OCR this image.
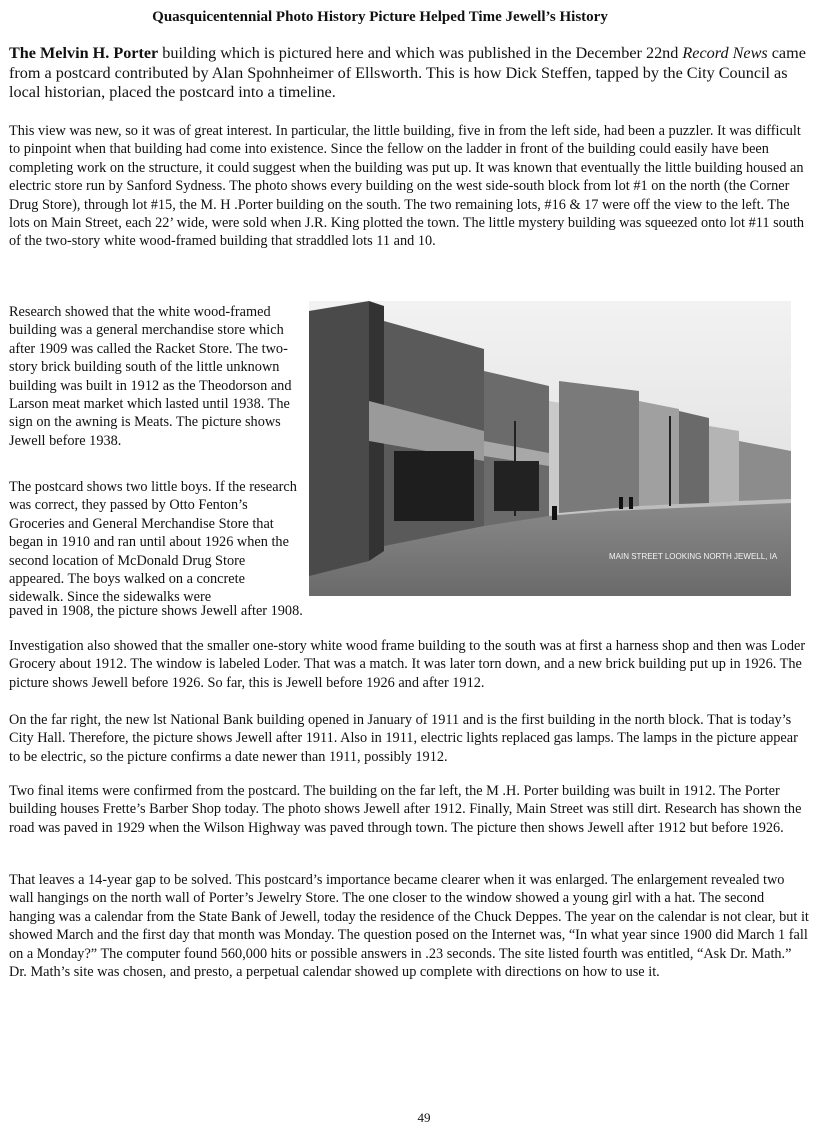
Quasquicentennial Photo History Picture Helped Time Jewell’s History
The Melvin H. Porter building which is pictured here and which was published in the December 22nd Record News came from a postcard contributed by Alan Spohnheimer of Ellsworth. This is how Dick Steffen, tapped by the City Council as local historian, placed the postcard into a timeline.
This view was new, so it was of great interest. In particular, the little building, five in from the left side, had been a puzzler. It was difficult to pinpoint when that building had come into existence. Since the fellow on the ladder in front of the building could easily have been completing work on the structure, it could suggest when the building was put up. It was known that eventually the little building housed an electric store run by Sanford Sydness. The photo shows every building on the west side-south block from lot #1 on the north (the Corner Drug Store), through lot #15, the M. H .Porter building on the south. The two remaining lots, #16 & 17 were off the view to the left. The lots on Main Street, each 22’ wide, were sold when J.R. King plotted the town. The little mystery building was squeezed onto lot #11 south of the two-story white wood-framed building that straddled lots 11 and 10.
Research showed that the white wood-framed building was a general merchandise store which after 1909 was called the Racket Store. The two-story brick building south of the little unknown building was built in 1912 as the Theodorson and Larson meat market which lasted until 1938. The sign on the awning is Meats. The picture shows Jewell before 1938.
The postcard shows two little boys. If the research was correct, they passed by Otto Fenton’s Groceries and General Merchandise Store that began in 1910 and ran until about 1926 when the second location of McDonald Drug Store appeared. The boys walked on a concrete sidewalk. Since the sidewalks were
paved in 1908, the picture shows Jewell after 1908.
MAIN STREET LOOKING NORTH JEWELL, IA
Investigation also showed that the smaller one-story white wood frame building to the south was at first a harness shop and then was Loder Grocery about 1912. The window is labeled Loder. That was a match. It was later torn down, and a new brick building put up in 1926. The picture shows Jewell before 1926. So far, this is Jewell before 1926 and after 1912.
On the far right, the new lst National Bank building opened in January of 1911 and is the first building in the north block. That is today’s City Hall. Therefore, the picture shows Jewell after 1911. Also in 1911, electric lights replaced gas lamps. The lamps in the picture appear to be electric, so the picture confirms a date newer than 1911, possibly 1912.
Two final items were confirmed from the postcard. The building on the far left, the M .H. Porter building was built in 1912. The Porter building houses Frette’s Barber Shop today. The photo shows Jewell after 1912. Finally, Main Street was still dirt. Research has shown the road was paved in 1929 when the Wilson Highway was paved through town. The picture then shows Jewell after 1912 but before 1926.
That leaves a 14-year gap to be solved. This postcard’s importance became clearer when it was enlarged. The enlargement revealed two wall hangings on the north wall of Porter’s Jewelry Store. The one closer to the window showed a young girl with a hat. The second hanging was a calendar from the State Bank of Jewell, today the residence of the Chuck Deppes. The year on the calendar is not clear, but it showed March and the first day that month was Monday. The question posed on the Internet was, “In what year since 1900 did March 1 fall on a Monday?” The computer found 560,000 hits or possible answers in .23 seconds. The site listed fourth was entitled, “Ask Dr. Math.” Dr. Math’s site was chosen, and presto, a perpetual calendar showed up complete with directions on how to use it.
49
